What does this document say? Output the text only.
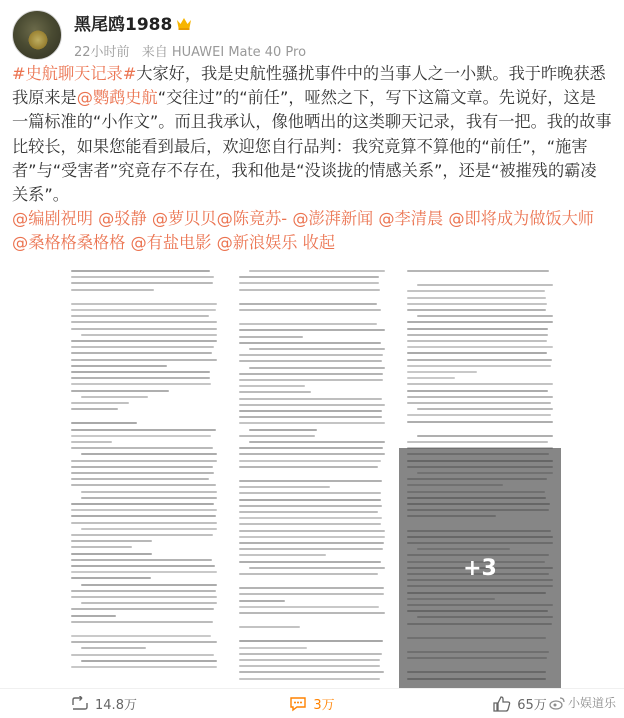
黑尾鸥1988
22小时前 来自 HUAWEI Mate 40 Pro
#史航聊天记录#大家好，我是史航性骚扰事件中的当事人之一小默。我于昨晚获悉我原来是@鹦鹉史航“交往过”的“前任”，哑然之下，写下这篇文章。先说好，这是一篇标准的“小作文”。而且我承认，像他晒出的这类聊天记录，我有一把。我的故事比较长，如果您能看到最后，欢迎您自行品判：我究竟算不算他的“前任”，“施害者”与“受害者”究竟存不存在，我和他是“没谈拢的情感关系”，还是“被摧残的霸凌关系”。
@编剧祝明 @驳静 @萝贝贝@陈竟苏- @澎湃新闻 @李清晨 @即将成为做饭大师 @桑格格桑格格 @有盐电影 @新浪娱乐 收起
+3
14.8万	3万	65万 小娱道乐
